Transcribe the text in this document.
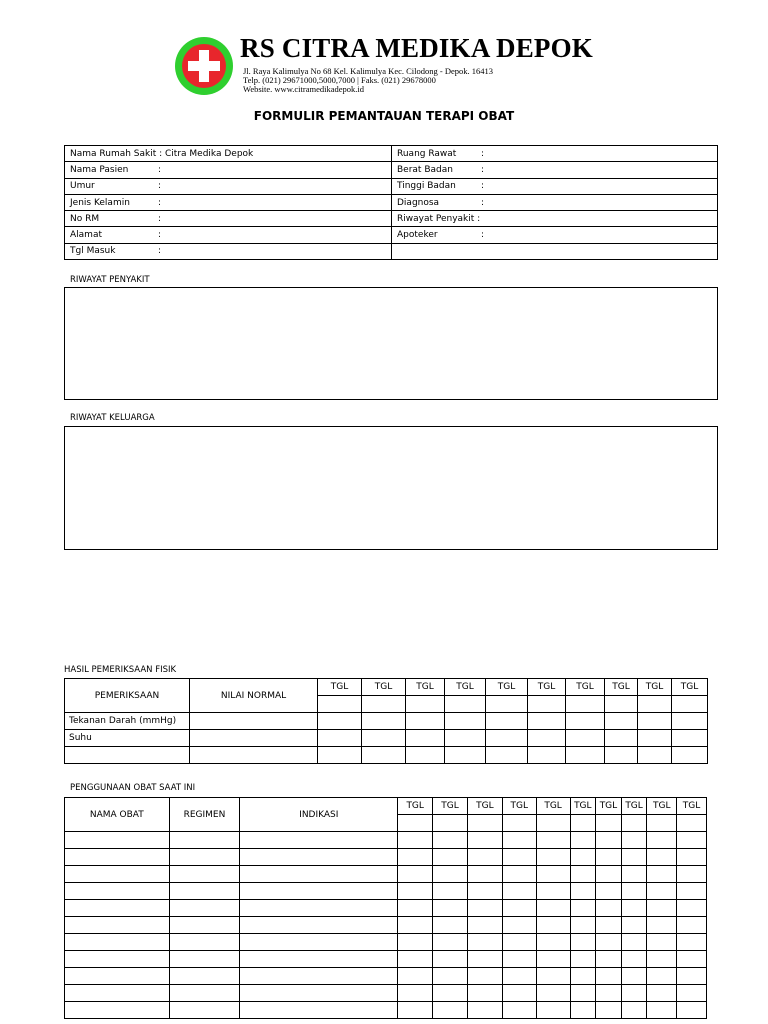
RS CITRA MEDIKA DEPOK
Jl. Raya Kalimulya No 68 Kel. Kalimulya Kec. Cilodong - Depok. 16413
Telp. (021) 29671000,5000,7000 | Faks. (021) 29678000
Website. www.citramedikadepok.id
FORMULIR PEMANTAUAN TERAPI OBAT
Nama Rumah Sakit : Citra Medika Depok	Ruang Rawat :
Nama Pasien :	Berat Badan :
Umur :	Tinggi Badan :
Jenis Kelamin :	Diagnosa :
No RM :	Riwayat Penyakit :
Alamat :	Apoteker :
Tgl Masuk :	
RIWAYAT PENYAKIT
RIWAYAT KELUARGA
HASIL PEMERIKSAAN FISIK
PEMERIKSAAN	NILAI NORMAL	TGL	TGL	TGL	TGL	TGL	TGL	TGL	TGL	TGL	TGL

Tekanan Darah (mmHg)											
Suhu											

PENGGUNAAN OBAT SAAT INI
NAMA OBAT	REGIMEN	INDIKASI	TGL	TGL	TGL	TGL	TGL	TGL	TGL	TGL	TGL	TGL
